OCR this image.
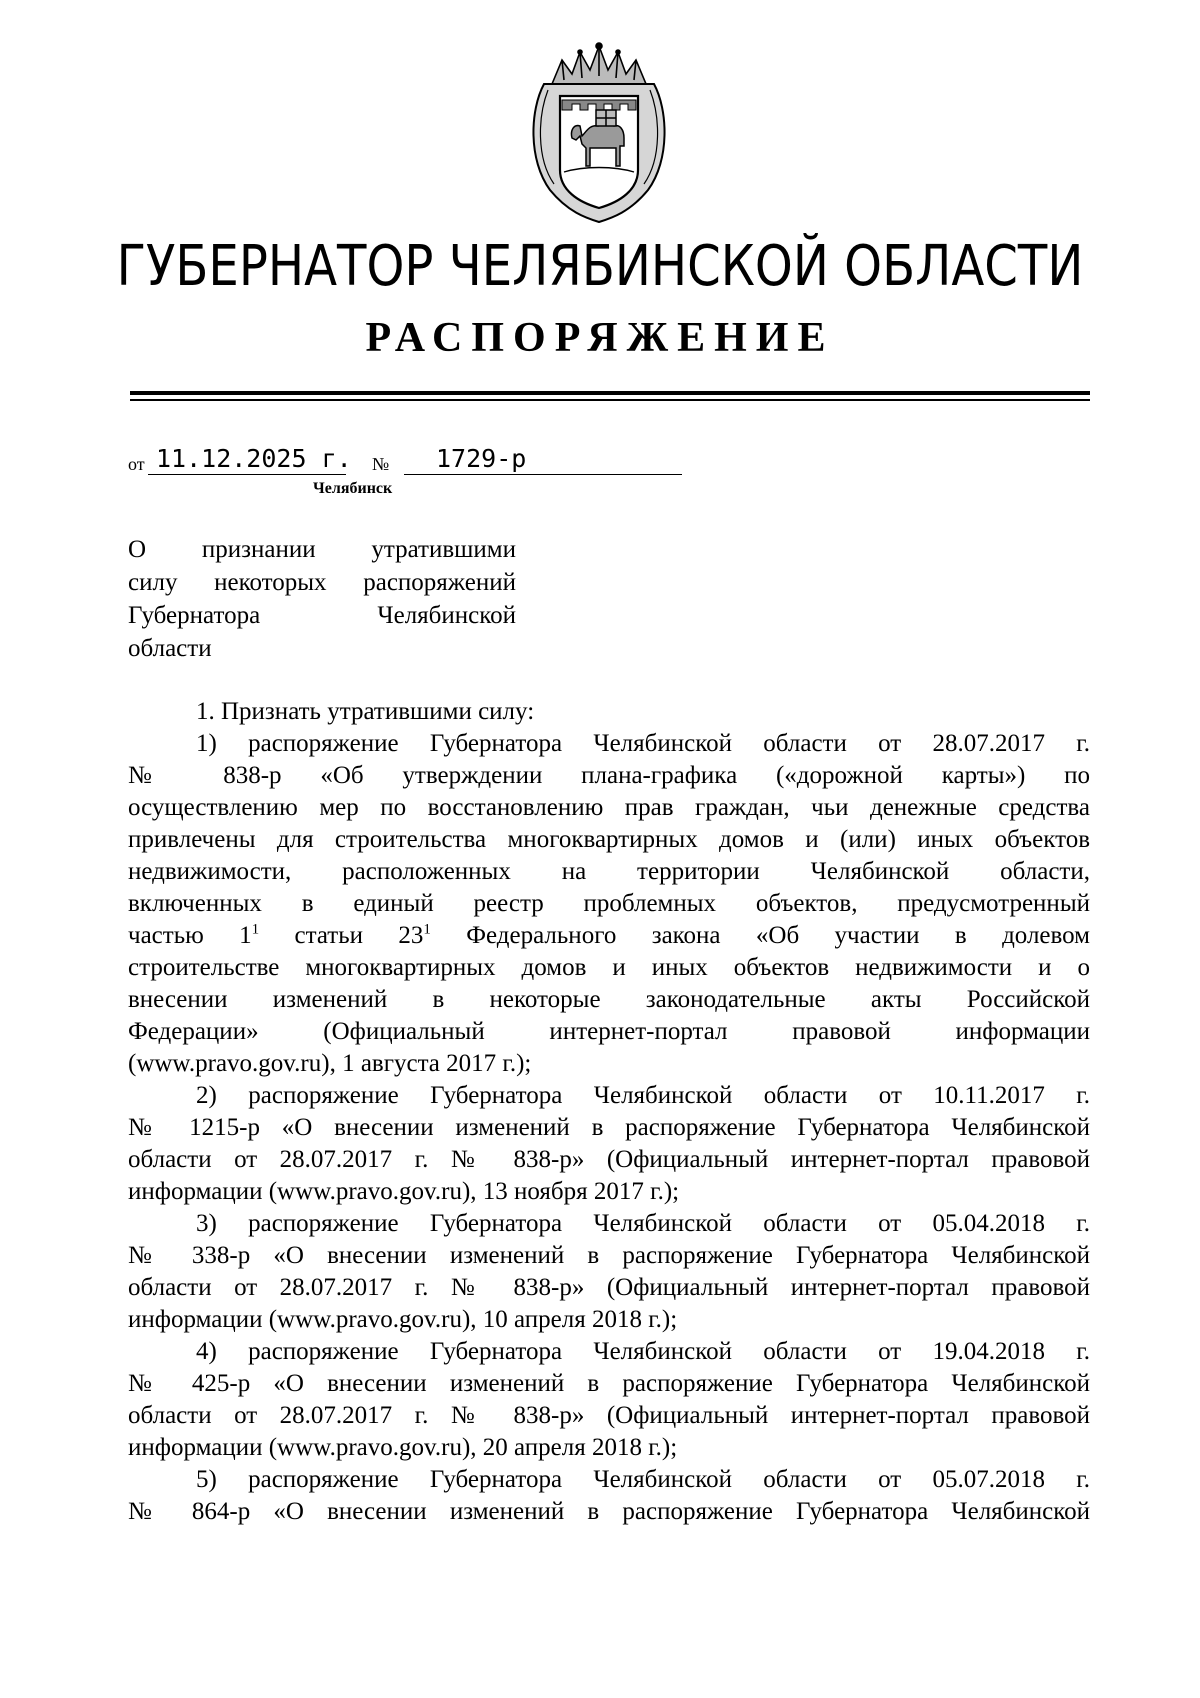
ГУБЕРНАТОР ЧЕЛЯБИНСКОЙ ОБЛАСТИ
РАСПОРЯЖЕНИЕ
от 11.12.2025 г. № 1729-р
Челябинск
О признании утратившими
силу некоторых распоряжений
Губернатора Челябинской
области
1. Признать утратившими силу:
1) распоряжение Губернатора Челябинской области от 28.07.2017 г.
№ 838-р «Об утверждении плана-графика («дорожной карты») по
осуществлению мер по восстановлению прав граждан, чьи денежные средства
привлечены для строительства многоквартирных домов и (или) иных объектов
недвижимости, расположенных на территории Челябинской области,
включенных в единый реестр проблемных объектов, предусмотренный
частью $1^1$ статьи $23^1$ Федерального закона «Об участии в долевом
строительстве многоквартирных домов и иных объектов недвижимости и о
внесении изменений в некоторые законодательные акты Российской
Федерации» (Официальный интернет-портал правовой информации
(www.pravo.gov.ru), 1 августа 2017 г.);
2) распоряжение Губернатора Челябинской области от 10.11.2017 г.
№ 1215-р «О внесении изменений в распоряжение Губернатора Челябинской
области от 28.07.2017 г. № 838-р» (Официальный интернет-портал правовой
информации (www.pravo.gov.ru), 13 ноября 2017 г.);
3) распоряжение Губернатора Челябинской области от 05.04.2018 г.
№ 338-р «О внесении изменений в распоряжение Губернатора Челябинской
области от 28.07.2017 г. № 838-р» (Официальный интернет-портал правовой
информации (www.pravo.gov.ru), 10 апреля 2018 г.);
4) распоряжение Губернатора Челябинской области от 19.04.2018 г.
№ 425-р «О внесении изменений в распоряжение Губернатора Челябинской
области от 28.07.2017 г. № 838-р» (Официальный интернет-портал правовой
информации (www.pravo.gov.ru), 20 апреля 2018 г.);
5) распоряжение Губернатора Челябинской области от 05.07.2018 г.
№ 864-р «О внесении изменений в распоряжение Губернатора Челябинской
